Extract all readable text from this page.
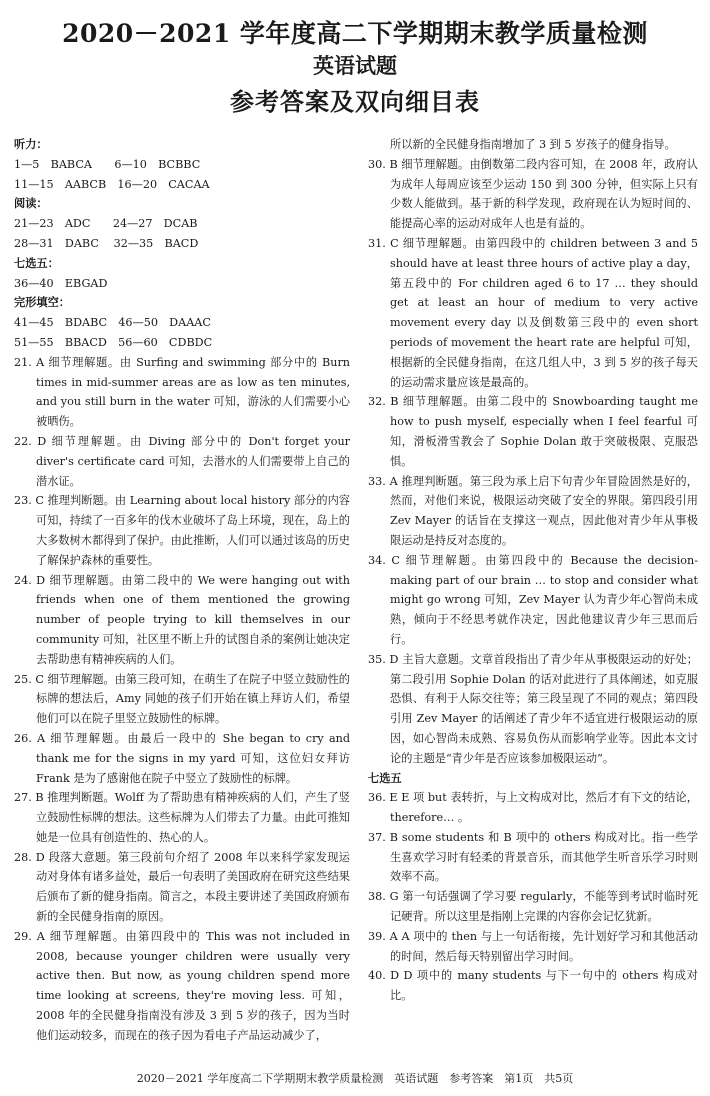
2020－2021 学年度高二下学期期末教学质量检测
英语试题
参考答案及双向细目表

听力：

1—5　BABCA　　6—10　BCBBC

11—15　AABCB　16—20　CACAA

阅读：

21—23　ADC　　24—27　DCAB

28—31　DABC　 32—35　BACD

七选五：

36—40　EBGAD

完形填空：

41—45　BDABC　46—50　DAAAC

51—55　BBACD　56—60　CDBDC

21. A 细节理解题。由 Surfing and swimming 部分中的 Burn times in mid-summer areas are as low as ten minutes, and you still burn in the water 可知，游泳的人们需要小心被晒伤。

22. D 细节理解题。由 Diving 部分中的 Don't forget your diver's certificate card 可知，去潜水的人们需要带上自己的潜水证。

23. C 推理判断题。由 Learning about local history 部分的内容可知，持续了一百多年的伐木业破坏了岛上环境，现在，岛上的大多数树木都得到了保护。由此推断，人们可以通过该岛的历史了解保护森林的重要性。

24. D 细节理解题。由第二段中的 We were hanging out with friends when one of them mentioned the growing number of people trying to kill themselves in our community 可知，社区里不断上升的试图自杀的案例让她决定去帮助患有精神疾病的人们。

25. C 细节理解题。由第三段可知，在萌生了在院子中竖立鼓励性的标牌的想法后，Amy 同她的孩子们开始在镇上拜访人们，希望他们可以在院子里竖立鼓励性的标牌。

26. A 细节理解题。由最后一段中的 She began to cry and thank me for the signs in my yard 可知，这位妇女拜访 Frank 是为了感谢他在院子中竖立了鼓励性的标牌。

27. B 推理判断题。Wolff 为了帮助患有精神疾病的人们，产生了竖立鼓励性标牌的想法。这些标牌为人们带去了力量。由此可推知她是一位具有创造性的、热心的人。

28. D 段落大意题。第三段前句介绍了 2008 年以来科学家发现运动对身体有诸多益处，最后一句表明了美国政府在研究这些结果后颁布了新的健身指南。简言之，本段主要讲述了美国政府颁布新的全民健身指南的原因。

29. A 细节理解题。由第四段中的 This was not included in 2008, because younger children were usually very active then. But now, as young children spend more time looking at screens, they're moving less. 可知，2008 年的全民健身指南没有涉及 3 到 5 岁的孩子，因为当时他们运动较多，而现在的孩子因为看电子产品运动减少了，

所以新的全民健身指南增加了 3 到 5 岁孩子的健身指导。

30. B 细节理解题。由倒数第二段内容可知，在 2008 年，政府认为成年人每周应该至少运动 150 到 300 分钟，但实际上只有少数人能做到。基于新的科学发现，政府现在认为短时间的、能提高心率的运动对成年人也是有益的。

31. C 细节理解题。由第四段中的 children between 3 and 5 should have at least three hours of active play a day，第五段中的 For children aged 6 to 17 … they should get at least an hour of medium to very active movement every day 以及倒数第三段中的 even short periods of movement the heart rate are helpful 可知，根据新的全民健身指南，在这几组人中，3 到 5 岁的孩子每天的运动需求量应该是最高的。

32. B 细节理解题。由第二段中的 Snowboarding taught me how to push myself, especially when I feel fearful 可知，滑板滑雪教会了 Sophie Dolan 敢于突破极限、克服恐惧。

33. A 推理判断题。第三段为承上启下句青少年冒险固然是好的，然而，对他们来说，极限运动突破了安全的界限。第四段引用 Zev Mayer 的话旨在支撑这一观点，因此他对青少年从事极限运动是持反对态度的。

34. C 细节理解题。由第四段中的 Because the decision-making part of our brain … to stop and consider what might go wrong 可知，Zev Mayer 认为青少年心智尚未成熟，倾向于不经思考就作决定，因此他建议青少年三思而后行。

35. D 主旨大意题。文章首段指出了青少年从事极限运动的好处；第二段引用 Sophie Dolan 的话对此进行了具体阐述，如克服恐惧、有利于人际交往等；第三段呈现了不同的观点；第四段引用 Zev Mayer 的话阐述了青少年不适宜进行极限运动的原因，如心智尚未成熟、容易负伤从而影响学业等。因此本文讨论的主题是“青少年是否应该参加极限运动”。

七选五

36. E E 项 but 表转折，与上文构成对比，然后才有下文的结论，therefore… 。

37. B some students 和 B 项中的 others 构成对比。指一些学生喜欢学习时有轻柔的背景音乐，而其他学生听音乐学习时则效率不高。

38. G 第一句话强调了学习要 regularly，不能等到考试时临时死记硬背。所以这里是指刚上完课的内容你会记忆犹新。

39. A A 项中的 then 与上一句话衔接，先计划好学习和其他活动的时间，然后每天特别留出学习时间。

40. D D 项中的 many students 与下一句中的 others 构成对比。

2020－2021 学年度高二下学期期末教学质量检测　英语试题　参考答案　第1页　共5页
